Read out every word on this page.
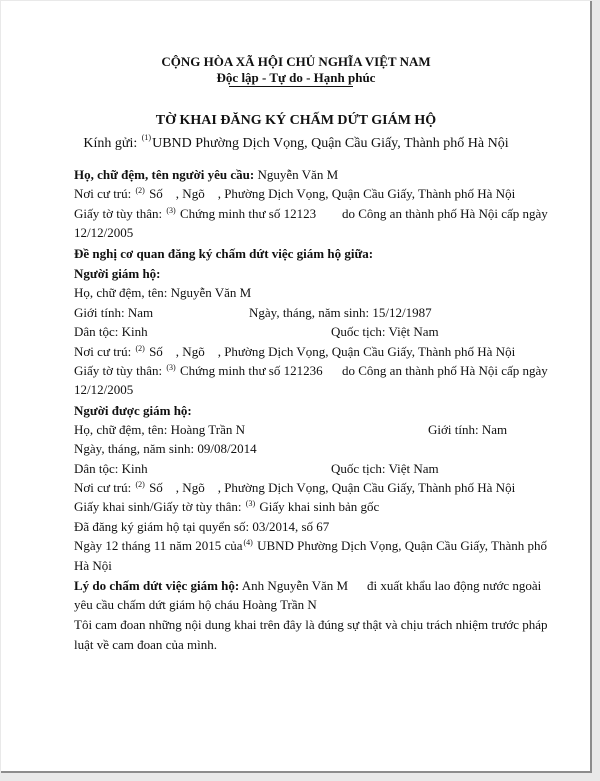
CỘNG HÒA XÃ HỘI CHỦ NGHĨA VIỆT NAM
Độc lập - Tự do - Hạnh phúc
TỜ KHAI ĐĂNG KÝ CHẤM DỨT GIÁM HỘ
Kính gửi: $^{(1)}$UBND Phường Dịch Vọng, Quận Cầu Giấy, Thành phố Hà Nội
Họ, chữ đệm, tên người yêu cầu: Nguyễn Văn M
Nơi cư trú: $^{(2)}$ Số    , Ngõ    , Phường Dịch Vọng, Quận Cầu Giấy, Thành phố Hà Nội
Giấy tờ tùy thân: $^{(3)}$ Chứng minh thư số 12123 do Công an thành phố Hà Nội cấp ngày
12/12/2005
Đề nghị cơ quan đăng ký chấm dứt việc giám hộ giữa:
Người giám hộ:
Họ, chữ đệm, tên: Nguyễn Văn M
Giới tính: Nam	Ngày, tháng, năm sinh: 15/12/1987
Dân tộc: Kinh	Quốc tịch: Việt Nam
Nơi cư trú: $^{(2)}$ Số    , Ngõ    , Phường Dịch Vọng, Quận Cầu Giấy, Thành phố Hà Nội
Giấy tờ tùy thân: $^{(3)}$ Chứng minh thư số 121236 do Công an thành phố Hà Nội cấp ngày
12/12/2005
Người được giám hộ:
Họ, chữ đệm, tên: Hoàng Trần N	Giới tính: Nam
Ngày, tháng, năm sinh: 09/08/2014
Dân tộc: Kinh	Quốc tịch: Việt Nam
Nơi cư trú: $^{(2)}$ Số    , Ngõ    , Phường Dịch Vọng, Quận Cầu Giấy, Thành phố Hà Nội
Giấy khai sinh/Giấy tờ tùy thân: $^{(3)}$ Giấy khai sinh bản gốc
Đã đăng ký giám hộ tại quyển số: 03/2014, số 67
Ngày 12 tháng 11 năm 2015 của$^{(4)}$ UBND Phường Dịch Vọng, Quận Cầu Giấy, Thành phố
Hà Nội
Lý do chấm dứt việc giám hộ: Anh Nguyễn Văn M đi xuất khẩu lao động nước ngoài
yêu cầu chấm dứt giám hộ cháu Hoàng Trần N
Tôi cam đoan những nội dung khai trên đây là đúng sự thật và chịu trách nhiệm trước pháp
luật về cam đoan của mình.
